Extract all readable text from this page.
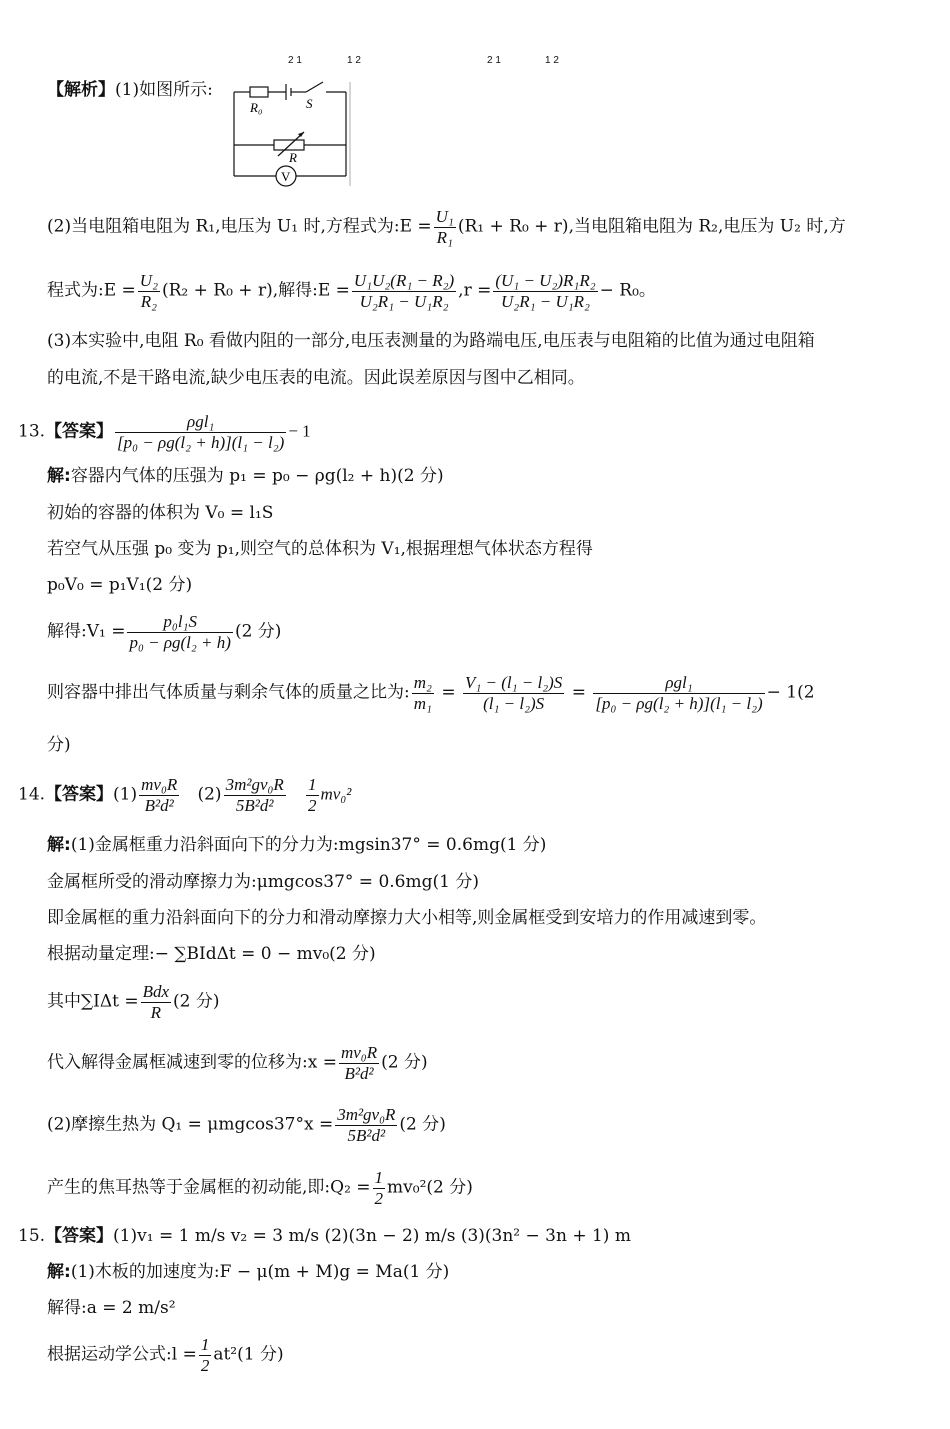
2 1	1 2	2 1	1 2
【解析】(1)如图所示:
R₀	S
R
V
(2)当电阻箱电阻为 R₁,电压为 U₁ 时,方程式为:E = $\frac{\text{U₁}}{\text{R₁}} (R_1 + R_0 + r)$,当电阻箱电阻为 R₂,电压为 U₂ 时,方
程式为:E = $\frac{\text{U₂}}{\text{R₂}} (R_2 + R_0 + r)$,解得:E = $\frac{\text{U₁U₂(R₁ − R₂)}}{\text{U₂R₁ − U₁R₂}} ,r = \frac{\text{(U₁ − U₂)R₁R₂}}{\text{U₂R₁ − U₁R₂}} - R_0$。
(3)本实验中,电阻 R₀ 看做内阻的一部分,电压表测量的为路端电压,电压表与电阻箱的比值为通过电阻箱
的电流,不是干路电流,缺少电压表的电流。因此误差原因与图中乙相同。
13.【答案】 $\frac{\text{ρgl₁}}{\text{[p₀ − ρg(l₂ + h)](l₁ − l₂)}} - 1$
解:容器内气体的压强为 p₁ = p₀ − ρg(l₂ + h)(2 分)
初始的容器的体积为 V₀ = l₁S
若空气从压强 p₀ 变为 p₁,则空气的总体积为 V₁,根据理想气体状态方程得
p₀V₀ = p₁V₁(2 分)
解得:V₁ = $\frac{\text{p₀l₁S}}{\text{p₀ − ρg(l₂ + h)}} (2$ 分)
则容器中排出气体质量与剩余气体的质量之比为: $\frac{\text{m₂}}{\text{m₁}} = \frac{\text{V₁ − (l₁ − l₂)S}}{\text{(l₁ − l₂)S}} = \frac{\text{ρgl₁}}{\text{[p₀ − ρg(l₂ + h)](l₁ − l₂)}} - 1(2$
分)
14.【答案】$(1) \frac{\text{mv₀R}}{\text{B²d²}} (2) \frac{\text{3m²gv₀R}}{\text{5B²d²}}$
$\frac{1}{2} mv_0^2$
解:(1)金属框重力沿斜面向下的分力为:mgsin37° = 0.6mg(1 分)
金属框所受的滑动摩擦力为:μmgcos37° = 0.6mg(1 分)
即金属框的重力沿斜面向下的分力和滑动摩擦力大小相等,则金属框受到安培力的作用减速到零。
根据动量定理:− ∑BIdΔt = 0 − mv₀(2 分)
其中$\sum I\Delta t = \frac{\text{Bdx}}{R} (2$ 分)
代入解得金属框减速到零的位移为:x = $\frac{\text{mv₀R}}{\text{B²d²}} (2$ 分)
(2)摩擦生热为 $Q_1 = \mu mgcos37^\circ x = \frac{\text{3m²gv₀R}}{\text{5B²d²}} (2$ 分)
产生的焦耳热等于金属框的初动能,即:Q₂ = $\frac{1}{2} mv_0^2(2$ 分)
15.【答案】(1)v₁ = 1 m/s v₂ = 3 m/s (2)(3n − 2) m/s (3)(3n² − 3n + 1) m
解:(1)木板的加速度为:F − μ(m + M)g = Ma(1 分)
解得:a = 2 m/s²
根据运动学公式:l = $\frac{1}{2} at^2(1$ 分)
